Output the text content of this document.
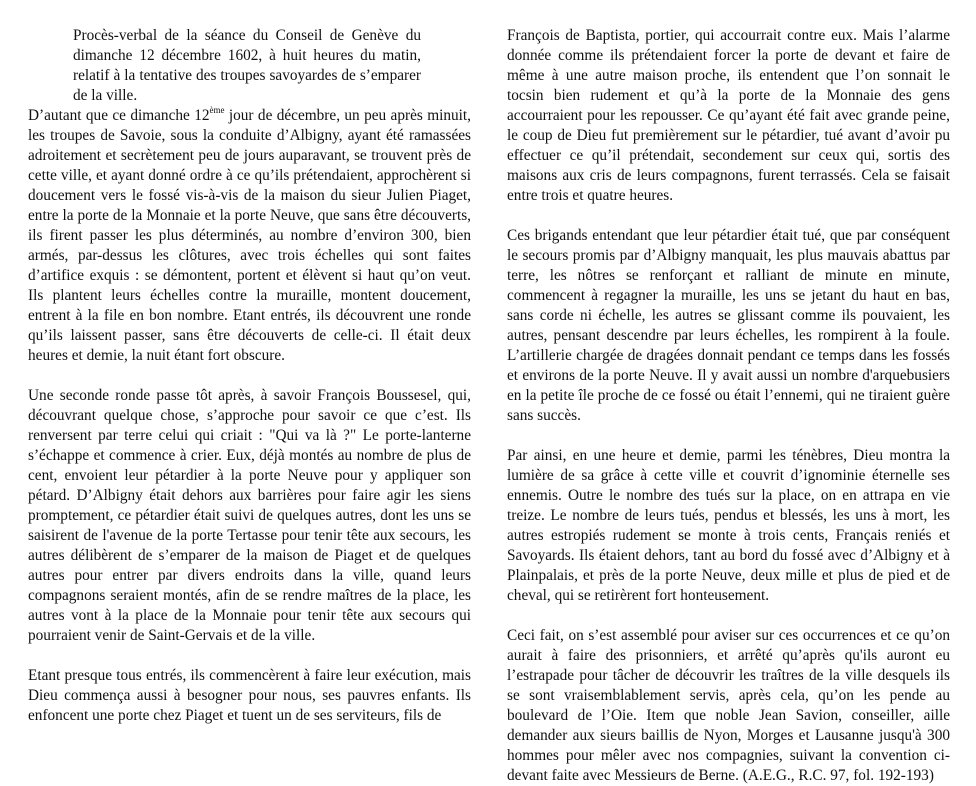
Procès-verbal de la séance du Conseil de Genève du dimanche 12 décembre 1602, à huit heures du matin, relatif à la tentative des troupes savoyardes de s’emparer de la ville.

D’autant que ce dimanche 12ème jour de décembre, un peu après minuit, les troupes de Savoie, sous la conduite d’Albigny, ayant été ramassées adroitement et secrètement peu de jours auparavant, se trouvent près de cette ville, et ayant donné ordre à ce qu’ils prétendaient, approchèrent si doucement vers le fossé vis-à-vis de la maison du sieur Julien Piaget, entre la porte de la Monnaie et la porte Neuve, que sans être découverts, ils firent passer les plus déterminés, au nombre d’environ 300, bien armés, par-dessus les clôtures, avec trois échelles qui sont faites d’artifice exquis : se démontent, portent et élèvent si haut qu’on veut. Ils plantent leurs échelles contre la muraille, montent doucement, entrent à la file en bon nombre. Etant entrés, ils découvrent une ronde qu’ils laissent passer, sans être découverts de celle-ci. Il était deux heures et demie, la nuit étant fort obscure.

Une seconde ronde passe tôt après, à savoir François Boussesel, qui, découvrant quelque chose, s’approche pour savoir ce que c’est. Ils renversent par terre celui qui criait : "Qui va là ?" Le porte-lanterne s’échappe et commence à crier. Eux, déjà montés au nombre de plus de cent, envoient leur pétardier à la porte Neuve pour y appliquer son pétard. D’Albigny était dehors aux barrières pour faire agir les siens promptement, ce pétardier était suivi de quelques autres, dont les uns se saisirent de l'avenue de la porte Tertasse pour tenir tête aux secours, les autres délibèrent de s’emparer de la maison de Piaget et de quelques autres pour entrer par divers endroits dans la ville, quand leurs compagnons seraient montés, afin de se rendre maîtres de la place, les autres vont à la place de la Monnaie pour tenir tête aux secours qui pourraient venir de Saint-Gervais et de la ville.

Etant presque tous entrés, ils commencèrent à faire leur exécution, mais Dieu commença aussi à besogner pour nous, ses pauvres enfants. Ils enfoncent une porte chez Piaget et tuent un de ses serviteurs, fils de

François de Baptista, portier, qui accourrait contre eux. Mais l’alarme donnée comme ils prétendaient forcer la porte de devant et faire de même à une autre maison proche, ils entendent que l’on sonnait le tocsin bien rudement et qu’à la porte de la Monnaie des gens accourraient pour les repousser. Ce qu’ayant été fait avec grande peine, le coup de Dieu fut premièrement sur le pétardier, tué avant d’avoir pu effectuer ce qu’il prétendait, secondement sur ceux qui, sortis des maisons aux cris de leurs compagnons, furent terrassés. Cela se faisait entre trois et quatre heures.

Ces brigands entendant que leur pétardier était tué, que par conséquent le secours promis par d’Albigny manquait, les plus mauvais abattus par terre, les nôtres se renforçant et ralliant de minute en minute, commencent à regagner la muraille, les uns se jetant du haut en bas, sans corde ni échelle, les autres se glissant comme ils pouvaient, les autres, pensant descendre par leurs échelles, les rompirent à la foule. L’artillerie chargée de dragées donnait pendant ce temps dans les fossés et environs de la porte Neuve. Il y avait aussi un nombre d'arquebusiers en la petite île proche de ce fossé ou était l’ennemi, qui ne tiraient guère sans succès.

Par ainsi, en une heure et demie, parmi les ténèbres, Dieu montra la lumière de sa grâce à cette ville et couvrit d’ignominie éternelle ses ennemis. Outre le nombre des tués sur la place, on en attrapa en vie treize. Le nombre de leurs tués, pendus et blessés, les uns à mort, les autres estropiés rudement se monte à trois cents, Français reniés et Savoyards. Ils étaient dehors, tant au bord du fossé avec d’Albigny et à Plainpalais, et près de la porte Neuve, deux mille et plus de pied et de cheval, qui se retirèrent fort honteusement.

Ceci fait, on s’est assemblé pour aviser sur ces occurrences et ce qu’on aurait à faire des prisonniers, et arrêté qu’après qu'ils auront eu l’estrapade pour tâcher de découvrir les traîtres de la ville desquels ils se sont vraisemblablement servis, après cela, qu’on les pende au boulevard de l’Oie. Item que noble Jean Savion, conseiller, aille demander aux sieurs baillis de Nyon, Morges et Lausanne jusqu'à 300 hommes pour mêler avec nos compagnies, suivant la convention ci-devant faite avec Messieurs de Berne. (A.E.G., R.C. 97, fol. 192-193)
